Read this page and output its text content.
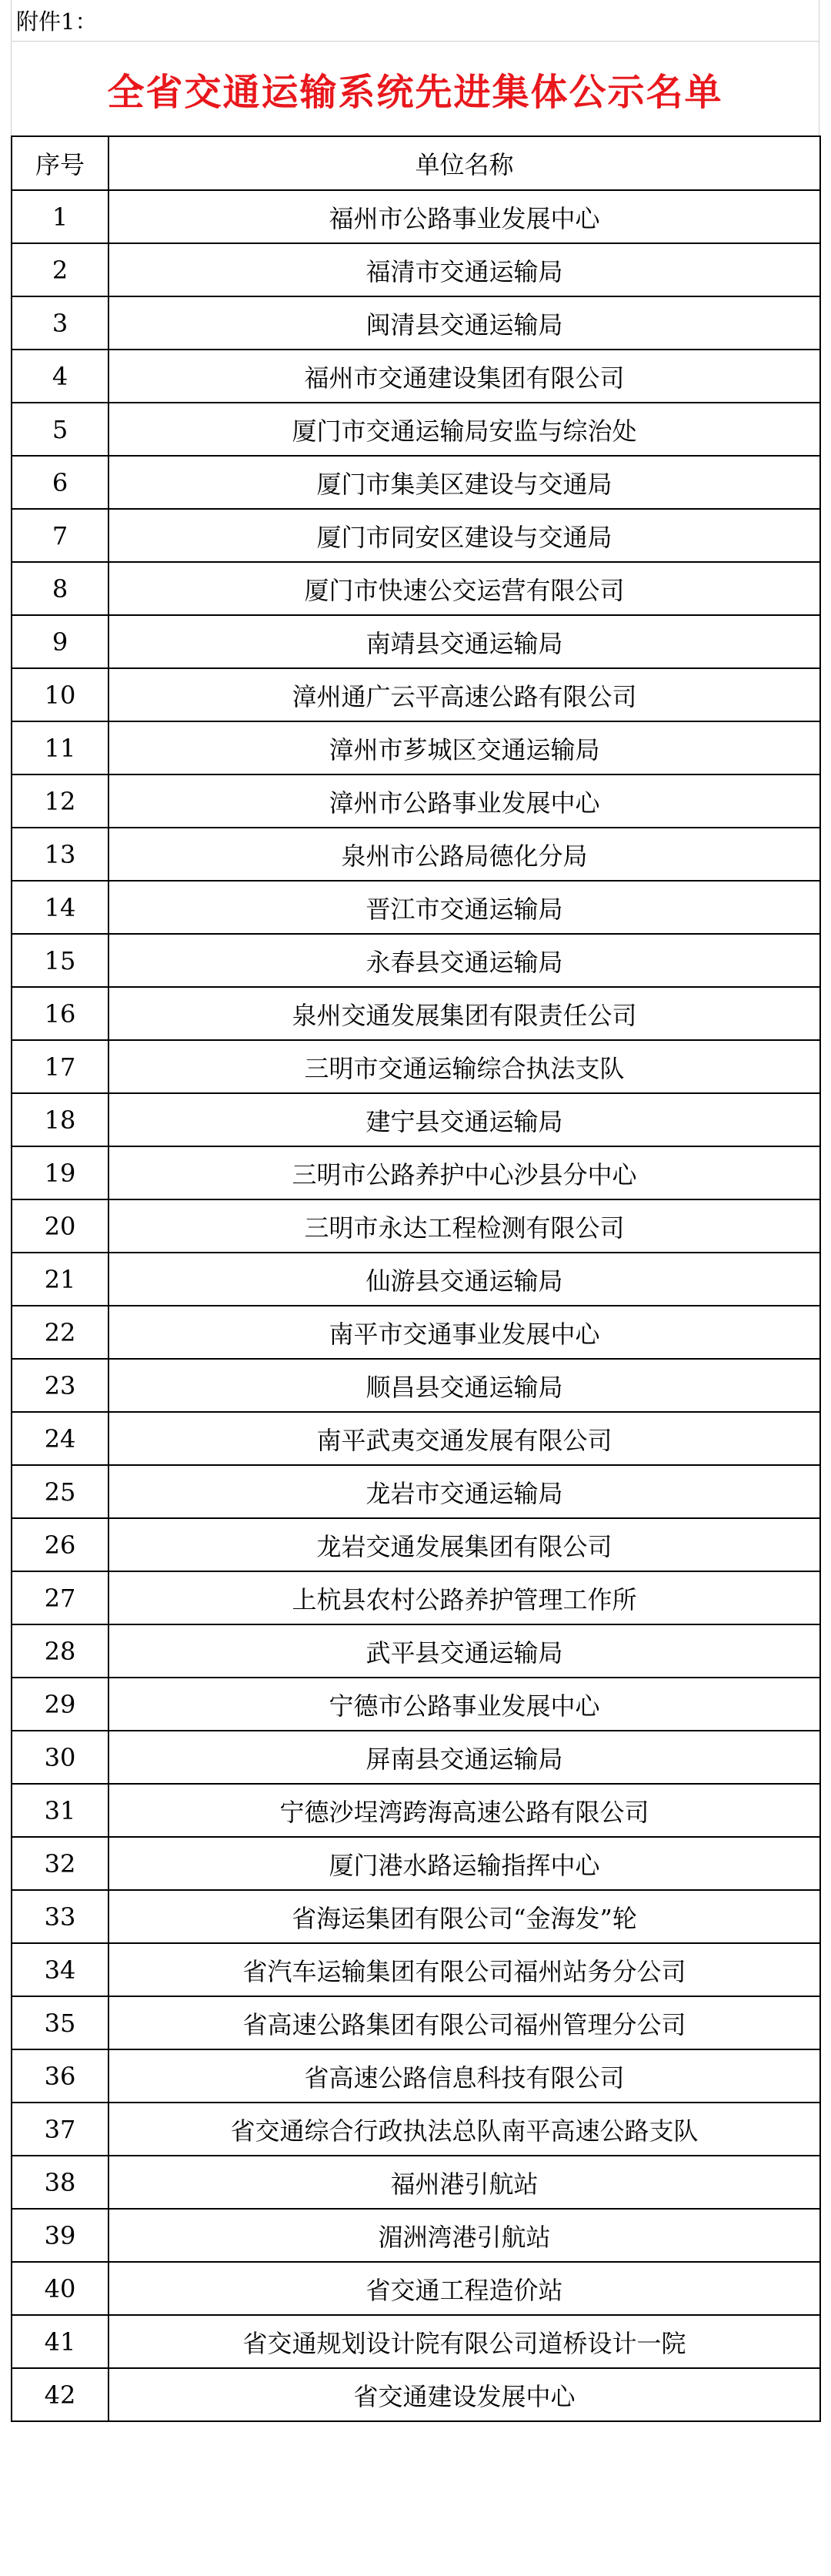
附件1：
全省交通运输系统先进集体公示名单
序号	单位名称
1	福州市公路事业发展中心
2	福清市交通运输局
3	闽清县交通运输局
4	福州市交通建设集团有限公司
5	厦门市交通运输局安监与综治处
6	厦门市集美区建设与交通局
7	厦门市同安区建设与交通局
8	厦门市快速公交运营有限公司
9	南靖县交通运输局
10	漳州通广云平高速公路有限公司
11	漳州市芗城区交通运输局
12	漳州市公路事业发展中心
13	泉州市公路局德化分局
14	晋江市交通运输局
15	永春县交通运输局
16	泉州交通发展集团有限责任公司
17	三明市交通运输综合执法支队
18	建宁县交通运输局
19	三明市公路养护中心沙县分中心
20	三明市永达工程检测有限公司
21	仙游县交通运输局
22	南平市交通事业发展中心
23	顺昌县交通运输局
24	南平武夷交通发展有限公司
25	龙岩市交通运输局
26	龙岩交通发展集团有限公司
27	上杭县农村公路养护管理工作所
28	武平县交通运输局
29	宁德市公路事业发展中心
30	屏南县交通运输局
31	宁德沙埕湾跨海高速公路有限公司
32	厦门港水路运输指挥中心
33	省海运集团有限公司“金海发”轮
34	省汽车运输集团有限公司福州站务分公司
35	省高速公路集团有限公司福州管理分公司
36	省高速公路信息科技有限公司
37	省交通综合行政执法总队南平高速公路支队
38	福州港引航站
39	湄洲湾港引航站
40	省交通工程造价站
41	省交通规划设计院有限公司道桥设计一院
42	省交通建设发展中心
